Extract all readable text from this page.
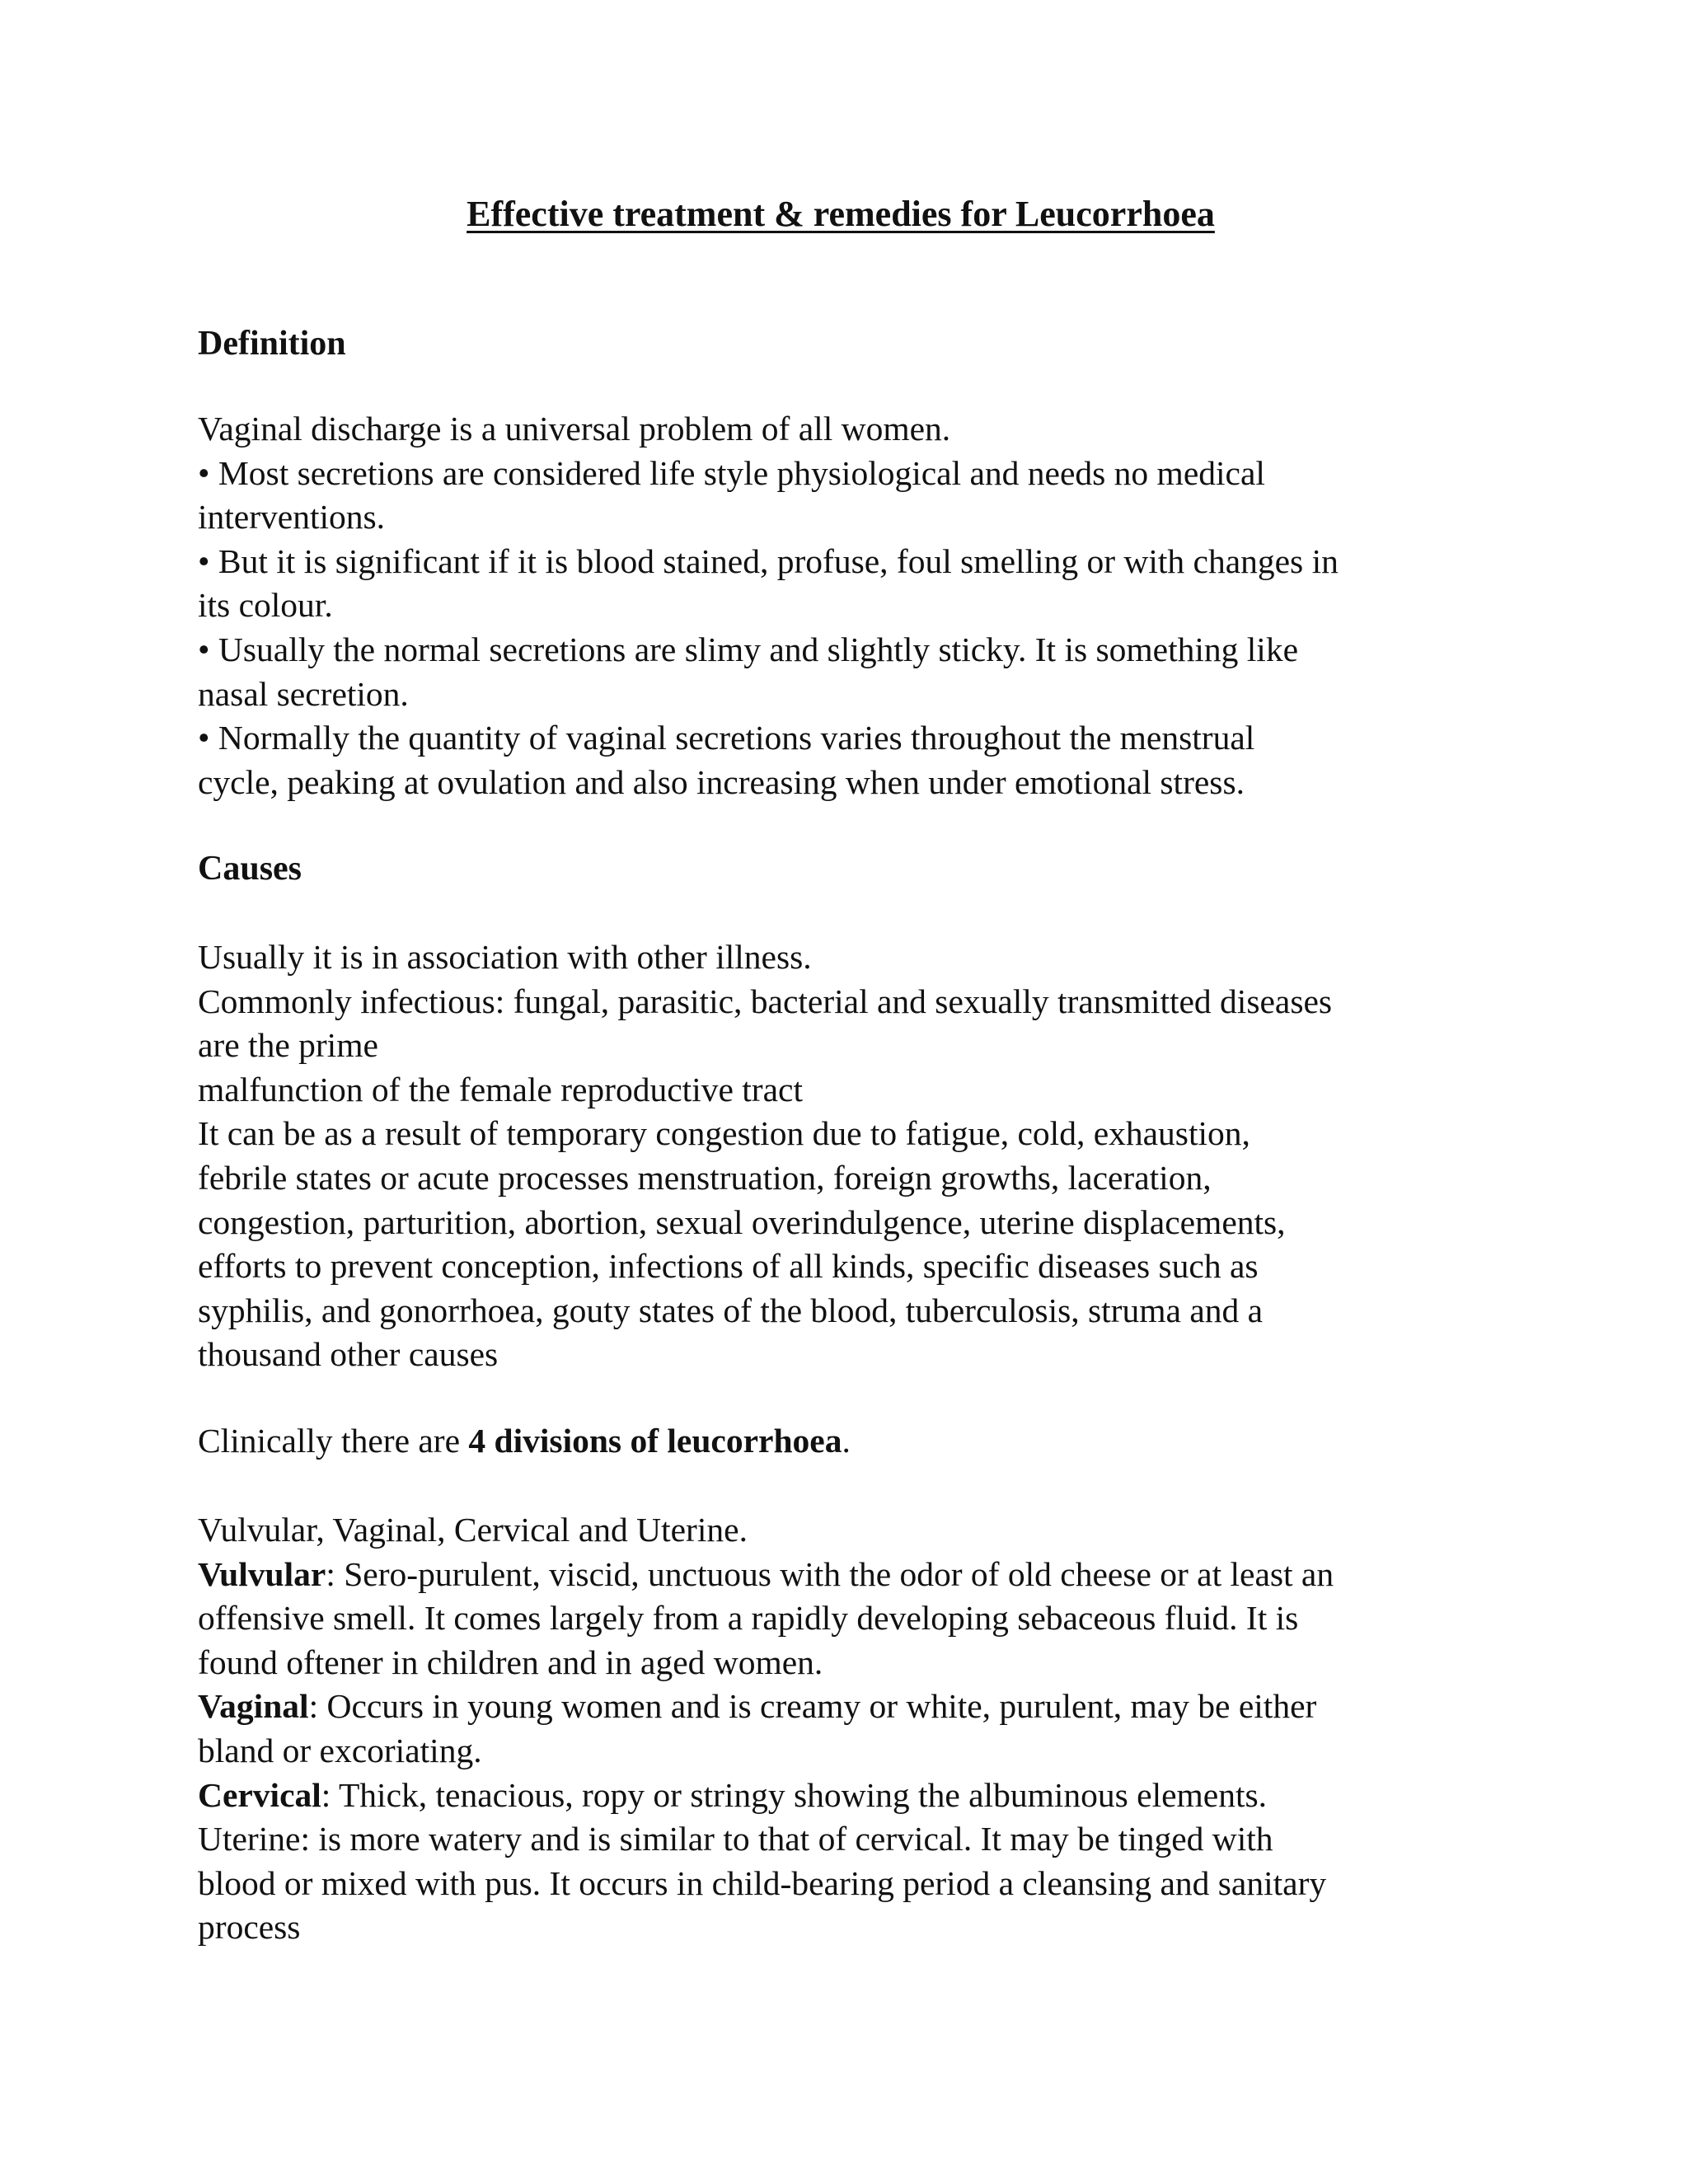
Effective treatment & remedies for Leucorrhoea
Definition
Vaginal discharge is a universal problem of all women.
• Most secretions are considered life style physiological and needs no medical
interventions.
• But it is significant if it is blood stained, profuse, foul smelling or with changes in
its colour.
• Usually the normal secretions are slimy and slightly sticky. It is something like
nasal secretion.
• Normally the quantity of vaginal secretions varies throughout the menstrual
cycle, peaking at ovulation and also increasing when under emotional stress.
Causes
Usually it is in association with other illness.
Commonly infectious: fungal, parasitic, bacterial and sexually transmitted diseases
are the prime
malfunction of the female reproductive tract
It can be as a result of temporary congestion due to fatigue, cold, exhaustion,
febrile states or acute processes menstruation, foreign growths, laceration,
congestion, parturition, abortion, sexual overindulgence, uterine displacements,
efforts to prevent conception, infections of all kinds, specific diseases such as
syphilis, and gonorrhoea, gouty states of the blood, tuberculosis, struma and a
thousand other causes
Clinically there are 4 divisions of leucorrhoea.
Vulvular, Vaginal, Cervical and Uterine.
Vulvular: Sero-purulent, viscid, unctuous with the odor of old cheese or at least an
offensive smell. It comes largely from a rapidly developing sebaceous fluid. It is
found oftener in children and in aged women.
Vaginal: Occurs in young women and is creamy or white, purulent, may be either
bland or excoriating.
Cervical: Thick, tenacious, ropy or stringy showing the albuminous elements.
Uterine: is more watery and is similar to that of cervical. It may be tinged with
blood or mixed with pus. It occurs in child-bearing period a cleansing and sanitary
process
